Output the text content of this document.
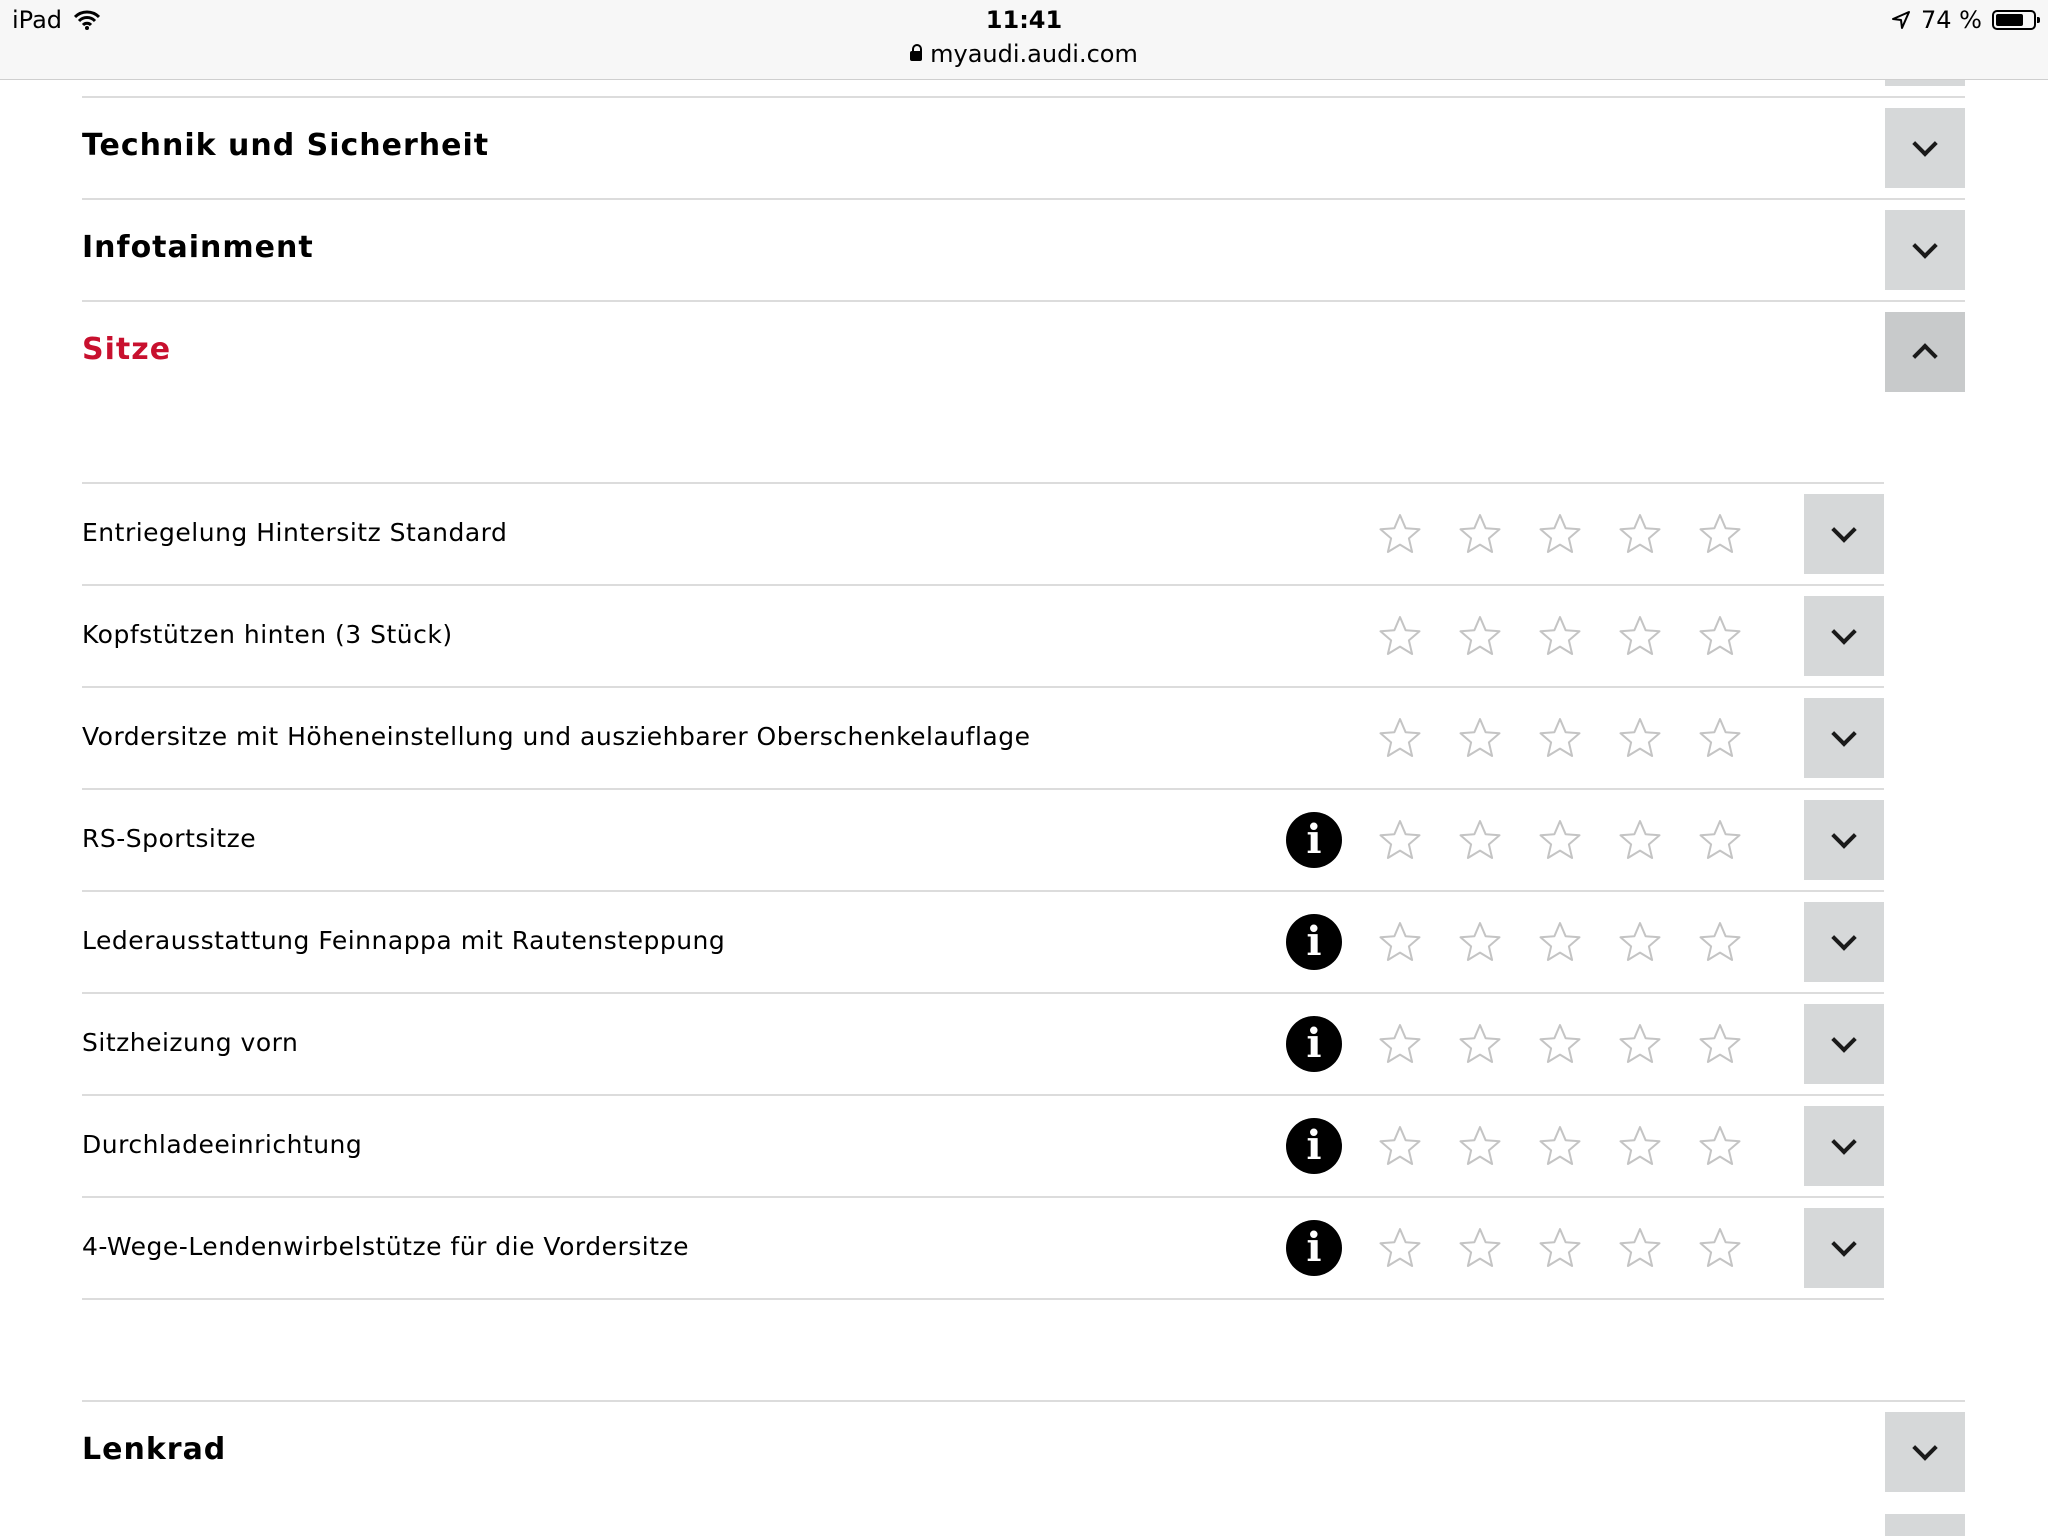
iPad	11:41
myaudi.audi.com
74 %
Technik und Sicherheit
Infotainment
Sitze
Entriegelung Hintersitz Standard
Kopfstützen hinten (3 Stück)
Vordersitze mit Höheneinstellung und ausziehbarer Oberschenkelauflage
RS-Sportsitze	i
Lederausstattung Feinnappa mit Rautensteppung	i
Sitzheizung vorn	i
Durchladeeinrichtung	i
4-Wege-Lendenwirbelstütze für die Vordersitze	i
Lenkrad
